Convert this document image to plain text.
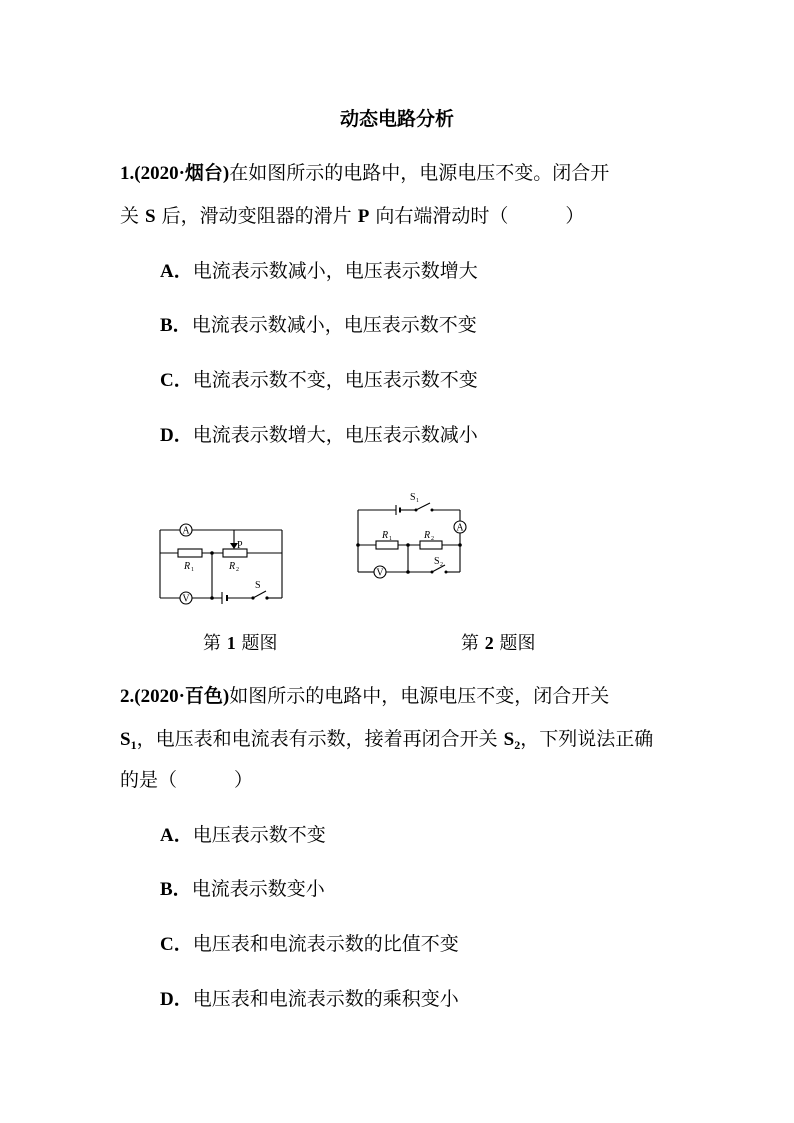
动态电路分析
1.(2020·烟台)在如图所示的电路中，电源电压不变。闭合开
关 S 后，滑动变阻器的滑片 P 向右端滑动时（　　　）
A．电流表示数减小，电压表示数增大
B．电流表示数减小，电压表示数不变
C．电流表示数不变，电压表示数不变
D．电流表示数增大，电压表示数减小
A
V
P
R 1	R 2
S
A
V
S 1
R 1	R 2
S 2
第 1 题图	第 2 题图
2.(2020·百色)如图所示的电路中，电源电压不变，闭合开关
$S_1$，电压表和电流表有示数，接着再闭合开关 $S_2$，下列说法正确
的是（　　　）
A．电压表示数不变
B．电流表示数变小
C．电压表和电流表示数的比值不变
D．电压表和电流表示数的乘积变小
